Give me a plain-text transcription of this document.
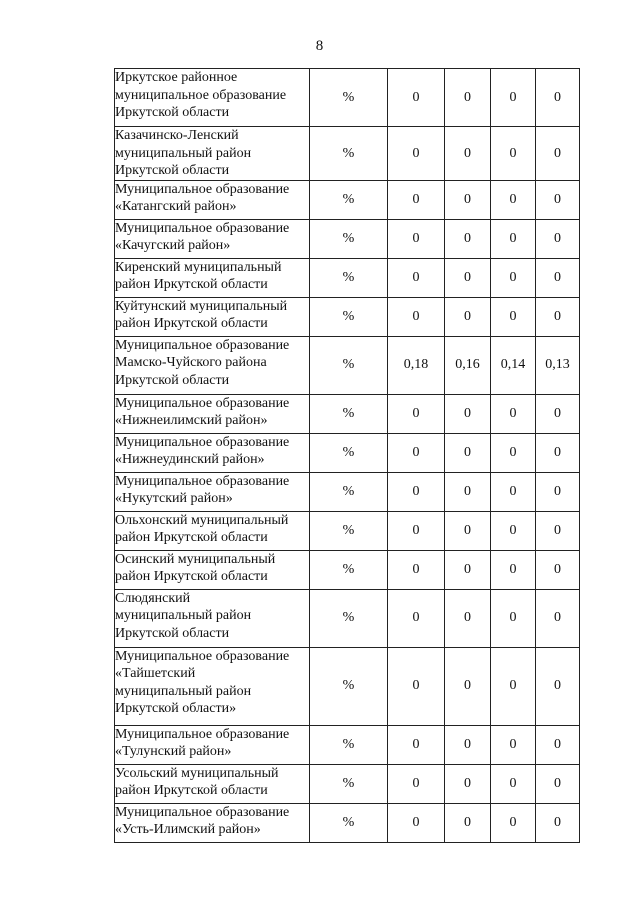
8
Иркутское районное
муниципальное образование
Иркутской области	%	0	0	0	0

Казачинско-Ленский
муниципальный район
Иркутской области	%	0	0	0	0

Муниципальное образование
«Катангский район»	%	0	0	0	0

Муниципальное образование
«Качугский район»	%	0	0	0	0

Киренский муниципальный
район Иркутской области	%	0	0	0	0

Куйтунский муниципальный
район Иркутской области	%	0	0	0	0

Муниципальное образование
Мамско-Чуйского района
Иркутской области	%	0,18	0,16	0,14	0,13

Муниципальное образование
«Нижнеилимский район»	%	0	0	0	0

Муниципальное образование
«Нижнеудинский район»	%	0	0	0	0

Муниципальное образование
«Нукутский район»	%	0	0	0	0

Ольхонский муниципальный
район Иркутской области	%	0	0	0	0

Осинский муниципальный
район Иркутской области	%	0	0	0	0

Слюдянский
муниципальный район
Иркутской области	%	0	0	0	0

Муниципальное образование
«Тайшетский
муниципальный район
Иркутской области»	%	0	0	0	0

Муниципальное образование
«Тулунский район»	%	0	0	0	0

Усольский муниципальный
район Иркутской области	%	0	0	0	0

Муниципальное образование
«Усть-Илимский район»	%	0	0	0	0
